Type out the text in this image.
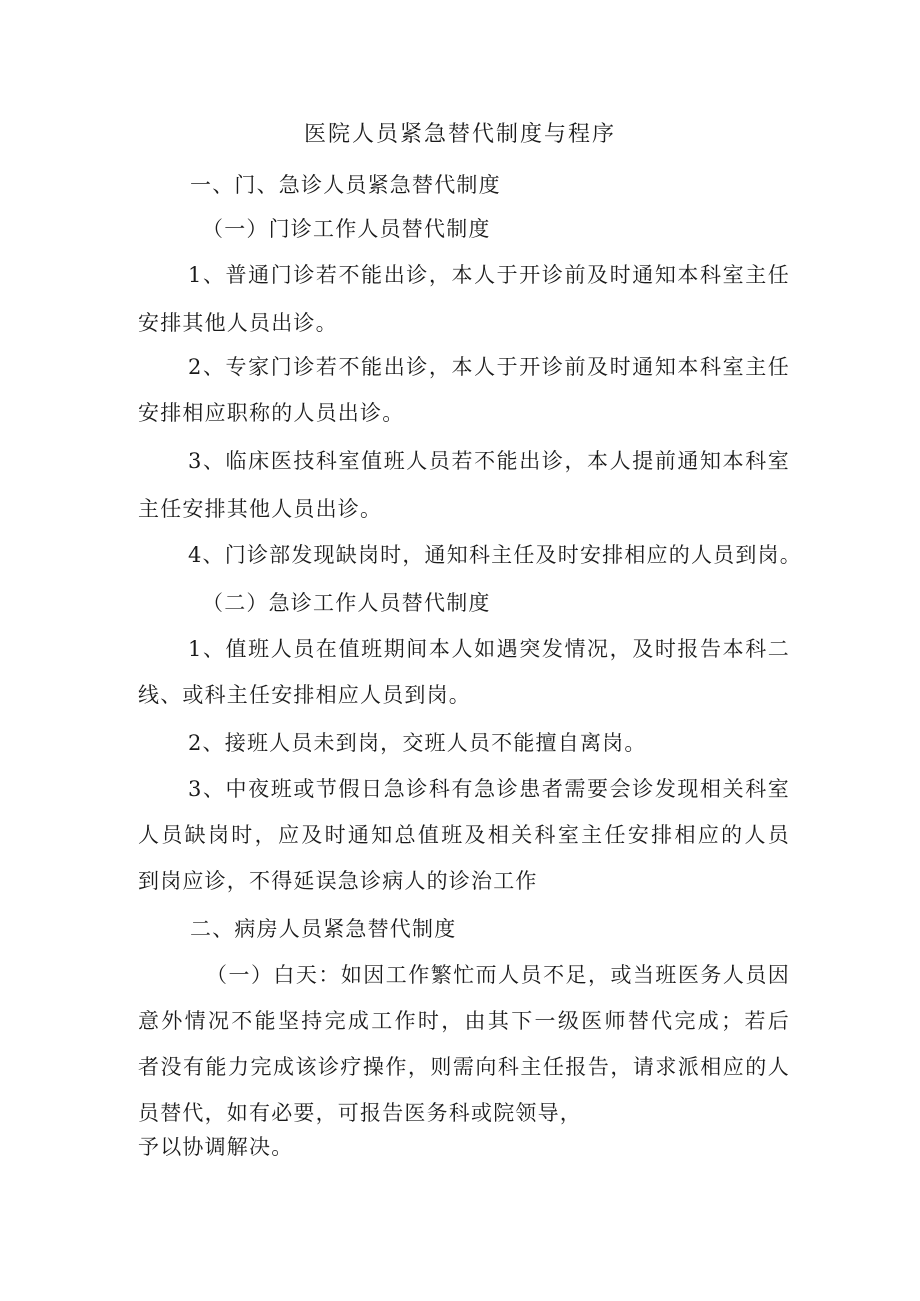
医院人员紧急替代制度与程序
一、门、急诊人员紧急替代制度
（一）门诊工作人员替代制度
1、普通门诊若不能出诊，本人于开诊前及时通知本科室主任
安排其他人员出诊。
2、专家门诊若不能出诊，本人于开诊前及时通知本科室主任
安排相应职称的人员出诊。
3、临床医技科室值班人员若不能出诊，本人提前通知本科室
主任安排其他人员出诊。
4、门诊部发现缺岗时，通知科主任及时安排相应的人员到岗。
（二）急诊工作人员替代制度
1、值班人员在值班期间本人如遇突发情况，及时报告本科二
线、或科主任安排相应人员到岗。
2、接班人员未到岗，交班人员不能擅自离岗。
3、中夜班或节假日急诊科有急诊患者需要会诊发现相关科室
人员缺岗时，应及时通知总值班及相关科室主任安排相应的人员
到岗应诊，不得延误急诊病人的诊治工作
二、病房人员紧急替代制度
（一）白天：如因工作繁忙而人员不足，或当班医务人员因
意外情况不能坚持完成工作时，由其下一级医师替代完成；若后
者没有能力完成该诊疗操作，则需向科主任报告，请求派相应的人
员替代，如有必要，可报告医务科或院领导，
予以协调解决。
